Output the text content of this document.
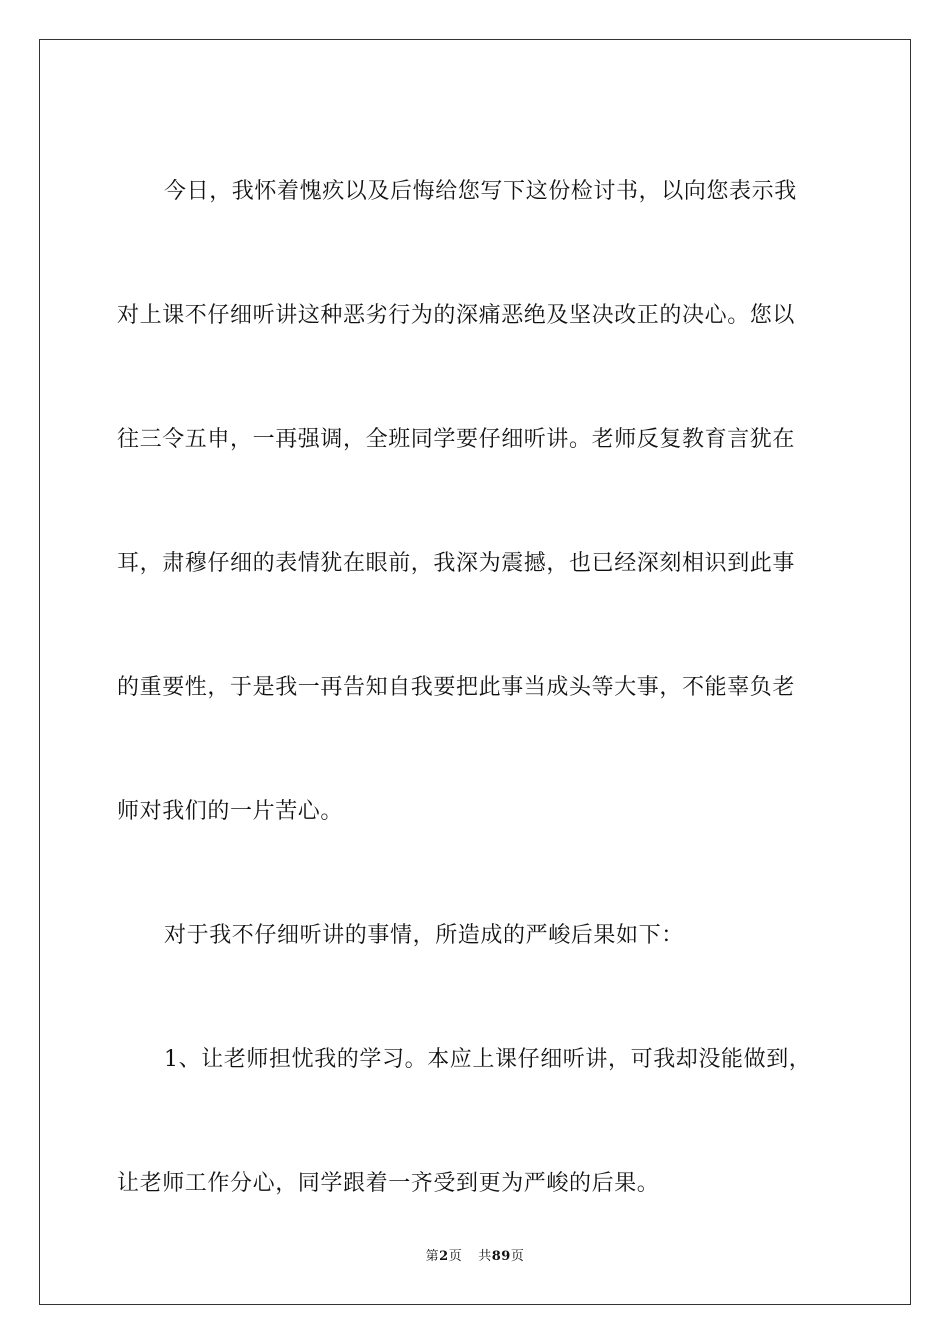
今日，我怀着愧疚以及后悔给您写下这份检讨书，以向您表示我
对上课不仔细听讲这种恶劣行为的深痛恶绝及坚决改正的决心。您以
往三令五申，一再强调，全班同学要仔细听讲。老师反复教育言犹在
耳，肃穆仔细的表情犹在眼前，我深为震撼，也已经深刻相识到此事
的重要性，于是我一再告知自我要把此事当成头等大事，不能辜负老
师对我们的一片苦心。
对于我不仔细听讲的事情，所造成的严峻后果如下：
1、让老师担忧我的学习。本应上课仔细听讲，可我却没能做到，
让老师工作分心，同学跟着一齐受到更为严峻的后果。
第2页 共89页
